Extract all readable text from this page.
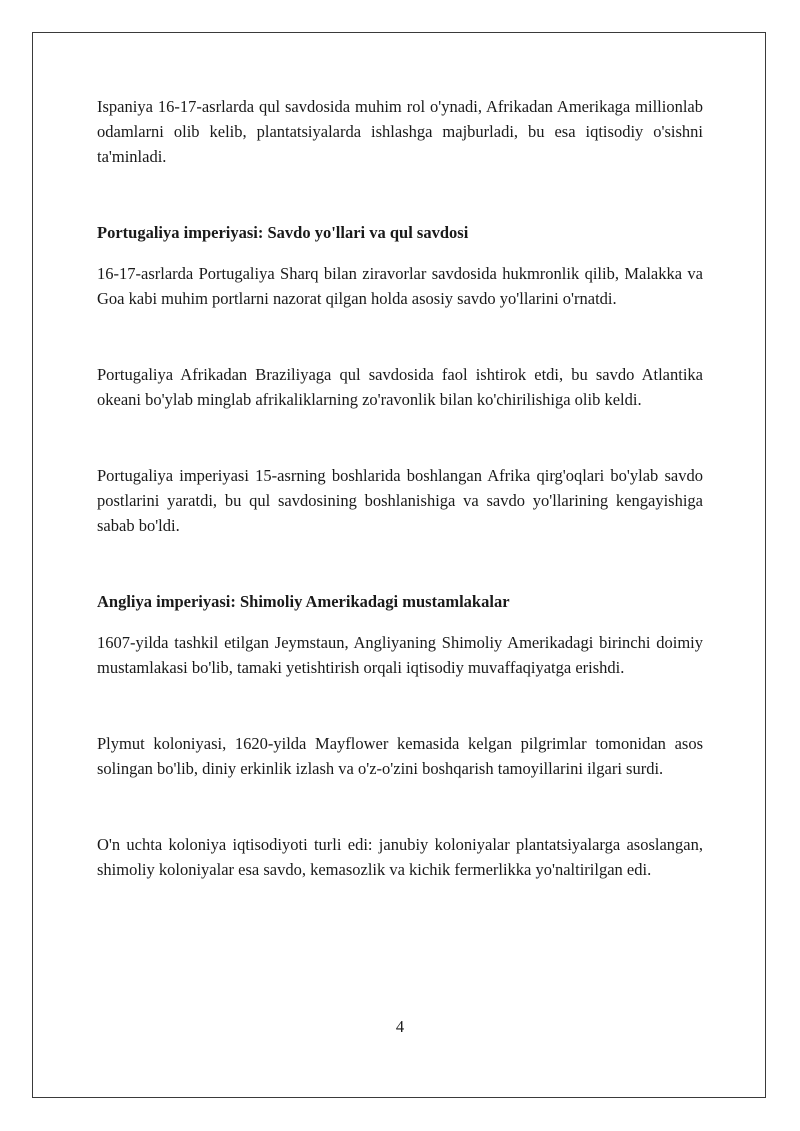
Ispaniya 16-17-asrlarda qul savdosida muhim rol o'ynadi, Afrikadan Amerikaga millionlab odamlarni olib kelib, plantatsiyalarda ishlashga majburladi, bu esa iqtisodiy o'sishni ta'minladi.

Portugaliya imperiyasi: Savdo yo'llari va qul savdosi

16-17-asrlarda Portugaliya Sharq bilan ziravorlar savdosida hukmronlik qilib, Malakka va Goa kabi muhim portlarni nazorat qilgan holda asosiy savdo yo'llarini o'rnatdi.

Portugaliya Afrikadan Braziliyaga qul savdosida faol ishtirok etdi, bu savdo Atlantika okeani bo'ylab minglab afrikaliklarning zo'ravonlik bilan ko'chirilishiga olib keldi.

Portugaliya imperiyasi 15-asrning boshlarida boshlangan Afrika qirg'oqlari bo'ylab savdo postlarini yaratdi, bu qul savdosining boshlanishiga va savdo yo'llarining kengayishiga sabab bo'ldi.

Angliya imperiyasi: Shimoliy Amerikadagi mustamlakalar

1607-yilda tashkil etilgan Jeymstaun, Angliyaning Shimoliy Amerikadagi birinchi doimiy mustamlakasi bo'lib, tamaki yetishtirish orqali iqtisodiy muvaffaqiyatga erishdi.

Plymut koloniyasi, 1620-yilda Mayflower kemasida kelgan pilgrimlar tomonidan asos solingan bo'lib, diniy erkinlik izlash va o'z-o'zini boshqarish tamoyillarini ilgari surdi.

O'n uchta koloniya iqtisodiyoti turli edi: janubiy koloniyalar plantatsiyalarga asoslangan, shimoliy koloniyalar esa savdo, kemasozlik va kichik fermerlikka yo'naltirilgan edi.

4
